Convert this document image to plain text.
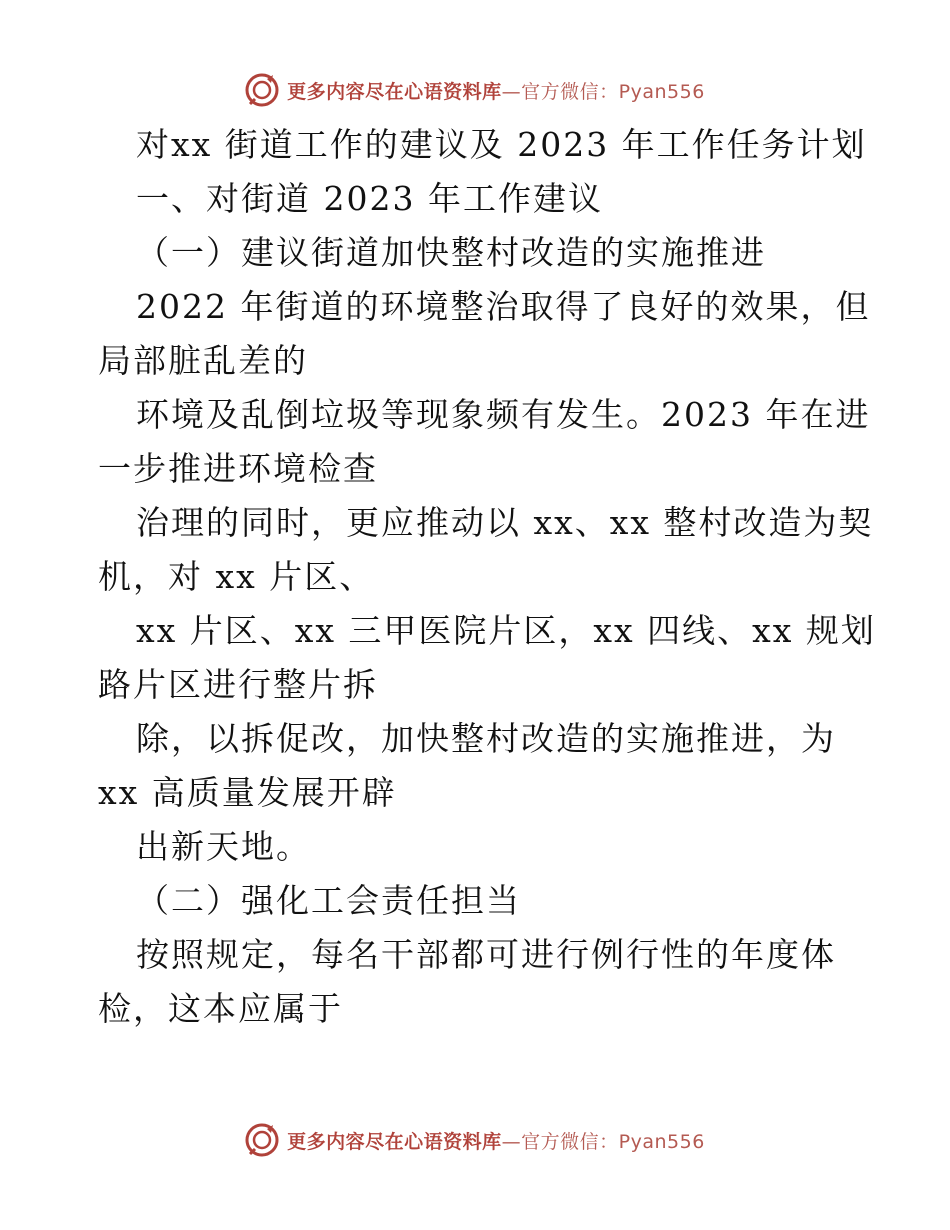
更多内容尽在心语资料库—官方微信：Pyan556
对xx 街道工作的建议及 2023 年工作任务计划
一、对街道 2023 年工作建议
（一）建议街道加快整村改造的实施推进
2022 年街道的环境整治取得了良好的效果，但
局部脏乱差的
环境及乱倒垃圾等现象频有发生。2023 年在进
一步推进环境检查
治理的同时，更应推动以 xx、xx 整村改造为契
机，对 xx 片区、
xx 片区、xx 三甲医院片区，xx 四线、xx 规划
路片区进行整片拆
除，以拆促改，加快整村改造的实施推进，为
xx 高质量发展开辟
出新天地。
（二）强化工会责任担当
按照规定，每名干部都可进行例行性的年度体
检，这本应属于
更多内容尽在心语资料库—官方微信：Pyan556
